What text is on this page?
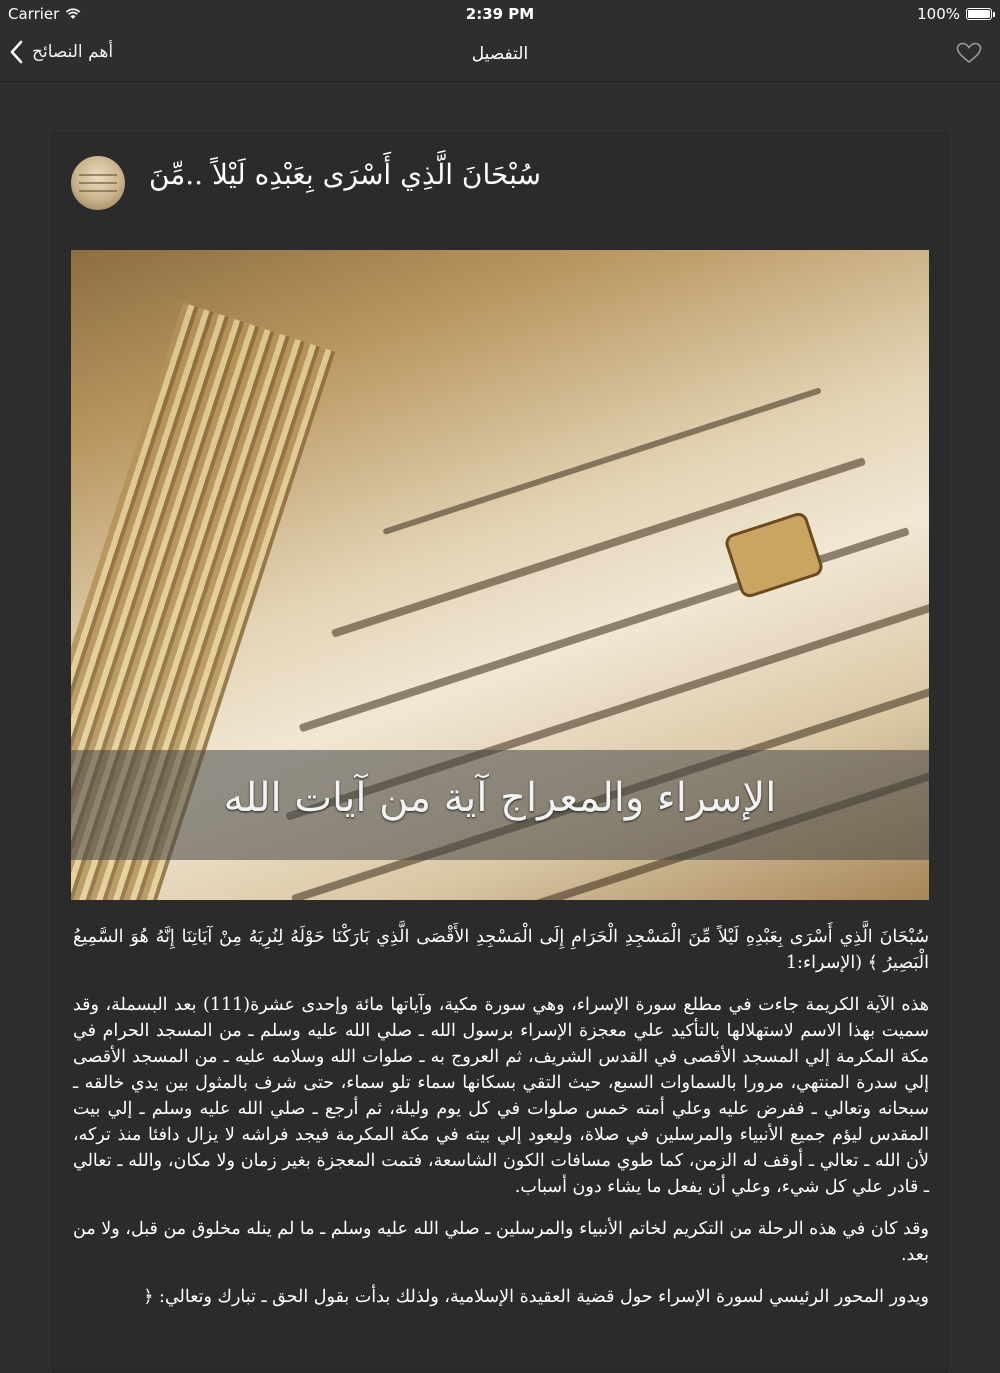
Carrier	2:39 PM	100%
أهم النصائح	التفصيل
سُبْحَانَ الَّذِي أَسْرَى بِعَبْدِه لَيْلاً ..مِّنَ
الإسراء والمعراج آية من آيات الله

سُبْحَانَ الَّذِي أَسْرَى بِعَبْدِهِ لَيْلاً مِّنَ الْمَسْجِدِ الْحَرَامِ إِلَى الْمَسْجِدِ الأَقْصَى الَّذِي بَارَكْنَا حَوْلَهُ لِنُرِيَهُ مِنْ آيَاتِنَا إِنَّهُ هُوَ السَّمِيعُ الْبَصِيرُ ﴾ (الإسراء:1

هذه الآية الكريمة جاءت في مطلع سورة الإسراء، وهي سورة مكية، وآياتها مائة وإحدى عشرة(111) بعد البسملة، وقد سميت بهذا الاسم لاستهلالها بالتأكيد علي معجزة الإسراء برسول الله ـ صلي الله عليه وسلم ـ من المسجد الحرام في مكة المكرمة إلي المسجد الأقصى في القدس الشريف، ثم العروج به ـ صلوات الله وسلامه عليه ـ من المسجد الأقصى إلي سدرة المنتهي، مرورا بالسماوات السبع، حيث التقي بسكانها سماء تلو سماء، حتى شرف بالمثول بين يدي خالقه ـ سبحانه وتعالي ـ ففرض عليه وعلي أمته خمس صلوات في كل يوم وليلة، ثم أرجع ـ صلي الله عليه وسلم ـ إلي بيت المقدس ليؤم جميع الأنبياء والمرسلين في صلاة، وليعود إلي بيته في مكة المكرمة فيجد فراشه لا يزال دافئا منذ تركه، لأن الله ـ تعالي ـ أوقف له الزمن، كما طوي مسافات الكون الشاسعة، فتمت المعجزة بغير زمان ولا مكان، والله ـ تعالي ـ قادر علي كل شيء، وعلي أن يفعل ما يشاء دون أسباب.

وقد كان في هذه الرحلة من التكريم لخاتم الأنبياء والمرسلين ـ صلي الله عليه وسلم ـ ما لم ينله مخلوق من قبل، ولا من بعد.

ويدور المحور الرئيسي لسورة الإسراء حول قضية العقيدة الإسلامية، ولذلك بدأت بقول الحق ـ تبارك وتعالي: ﴿
